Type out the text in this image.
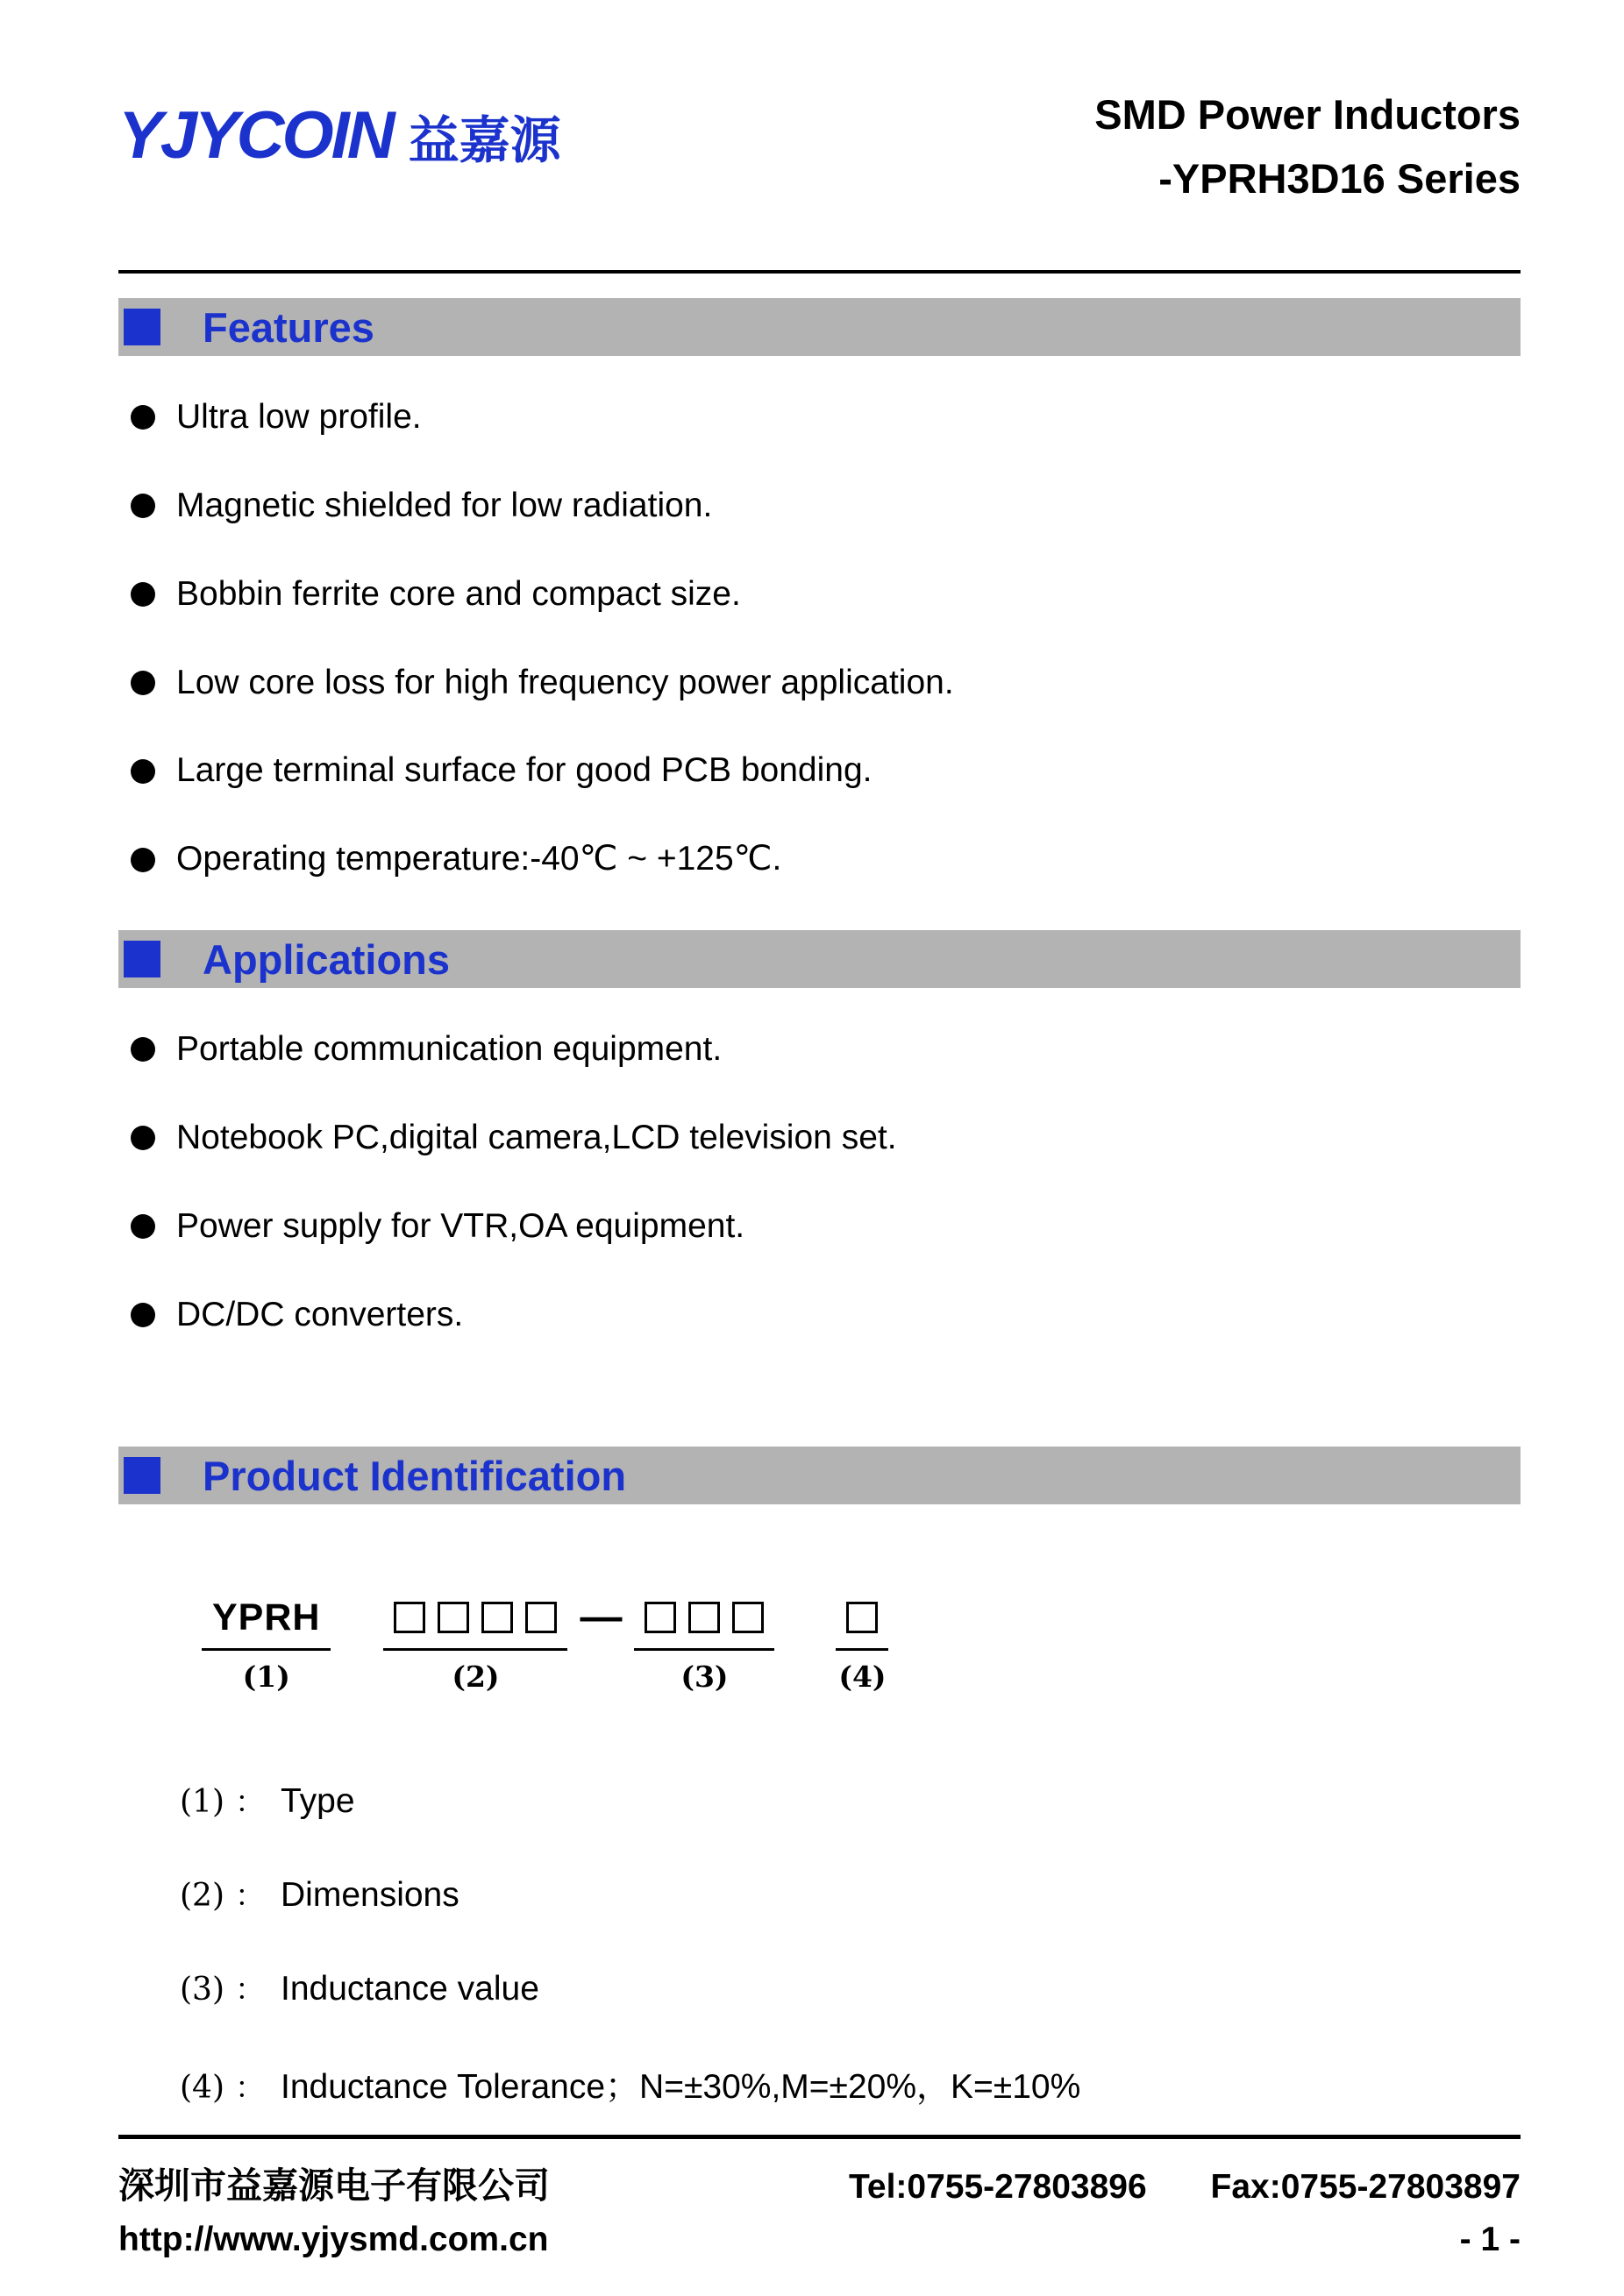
YJYCOIN 益嘉源	SMD Power Inductors
-YPRH3D16 Series
Features
Ultra low profile.
Magnetic shielded for low radiation.
Bobbin ferrite core and compact size.
Low core loss for high frequency power application.
Large terminal surface for good PCB bonding.
Operating temperature:-40℃ ~ +125℃.
Applications
Portable communication equipment.
Notebook PC,digital camera,LCD television set.
Power supply for VTR,OA equipment.
DC/DC converters.
Product Identification
YPRH
(1)	(2)
—
(3)	(4)
(1) ： Type
(2) ： Dimensions
(3) ： Inductance value
(4) ： Inductance Tolerance；N=±30%,M=±20%，K=±10%
深圳市益嘉源电子有限公司	Tel:0755-27803896 Fax:0755-27803897
http://www.yjysmd.com.cn	- 1 -
